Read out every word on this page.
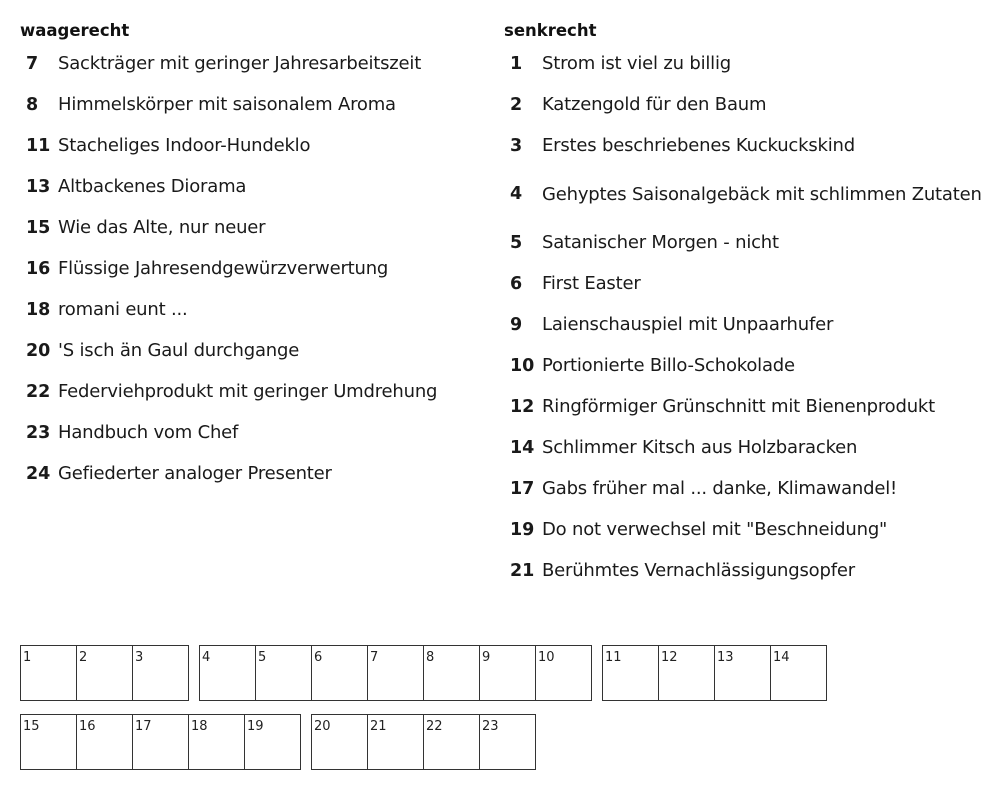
waagerecht
7	Sackträger mit geringer Jahresarbeitszeit
8	Himmelskörper mit saisonalem Aroma
11 Stacheliges Indoor-Hundeklo
13 Altbackenes Diorama
15 Wie das Alte, nur neuer
16 Flüssige Jahresendgewürzverwertung
18 romani eunt ...
20 'S isch än Gaul durchgange
22 Federviehprodukt mit geringer Umdrehung
23 Handbuch vom Chef
24 Gefiederter analoger Presenter
senkrecht
1	Strom ist viel zu billig
2	Katzengold für den Baum
3	Erstes beschriebenes Kuckuckskind
4	Gehyptes Saisonalgebäck mit schlimmen Zutaten
5	Satanischer Morgen - nicht
6	First Easter
9	Laienschauspiel mit Unpaarhufer
10 Portionierte Billo-Schokolade
12 Ringförmiger Grünschnitt mit Bienenprodukt
14 Schlimmer Kitsch aus Holzbaracken
17 Gabs früher mal ... danke, Klimawandel!
19 Do not verwechsel mit "Beschneidung"
21 Berühmtes Vernachlässigungsopfer
1	2	3	4	5	6	7	8	9	10	11	12	13	14
15	16	17	18	19	20	21	22	23
